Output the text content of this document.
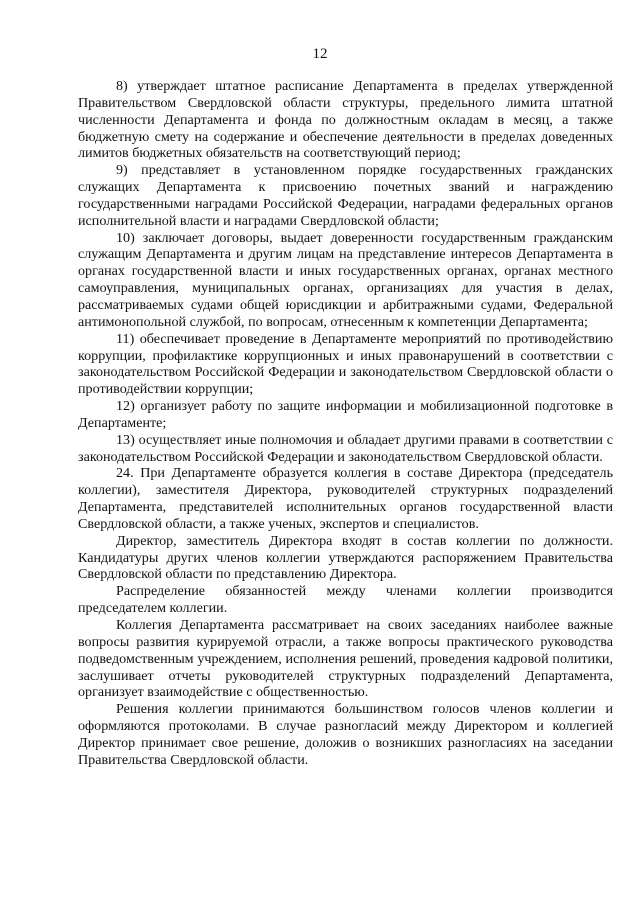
12

8) утверждает штатное расписание Департамента в пределах утвержденной Правительством Свердловской области структуры, предельного лимита штатной численности Департамента и фонда по должностным окладам в месяц, а также бюджетную смету на содержание и обеспечение деятельности в пределах доведенных лимитов бюджетных обязательств на соответствующий период;

9) представляет в установленном порядке государственных гражданских служащих Департамента к присвоению почетных званий и награждению государственными наградами Российской Федерации, наградами федеральных органов исполнительной власти и наградами Свердловской области;

10) заключает договоры, выдает доверенности государственным гражданским служащим Департамента и другим лицам на представление интересов Департамента в органах государственной власти и иных государственных органах, органах местного самоуправления, муниципальных органах, организациях для участия в делах, рассматриваемых судами общей юрисдикции и арбитражными судами, Федеральной антимонопольной службой, по вопросам, отнесенным к компетенции Департамента;

11) обеспечивает проведение в Департаменте мероприятий по противодействию коррупции, профилактике коррупционных и иных правонарушений в соответствии с законодательством Российской Федерации и законодательством Свердловской области о противодействии коррупции;

12) организует работу по защите информации и мобилизационной подготовке в Департаменте;

13) осуществляет иные полномочия и обладает другими правами в соответствии с законодательством Российской Федерации и законодательством Свердловской области.

24. При Департаменте образуется коллегия в составе Директора (председатель коллегии), заместителя Директора, руководителей структурных подразделений Департамента, представителей исполнительных органов государственной власти Свердловской области, а также ученых, экспертов и специалистов.

Директор, заместитель Директора входят в состав коллегии по должности. Кандидатуры других членов коллегии утверждаются распоряжением Правительства Свердловской области по представлению Директора.

Распределение обязанностей между членами коллегии производится председателем коллегии.

Коллегия Департамента рассматривает на своих заседаниях наиболее важные вопросы развития курируемой отрасли, а также вопросы практического руководства подведомственным учреждением, исполнения решений, проведения кадровой политики, заслушивает отчеты руководителей структурных подразделений Департамента, организует взаимодействие с общественностью.

Решения коллегии принимаются большинством голосов членов коллегии и оформляются протоколами. В случае разногласий между Директором и коллегией Директор принимает свое решение, доложив о возникших разногласиях на заседании Правительства Свердловской области.
